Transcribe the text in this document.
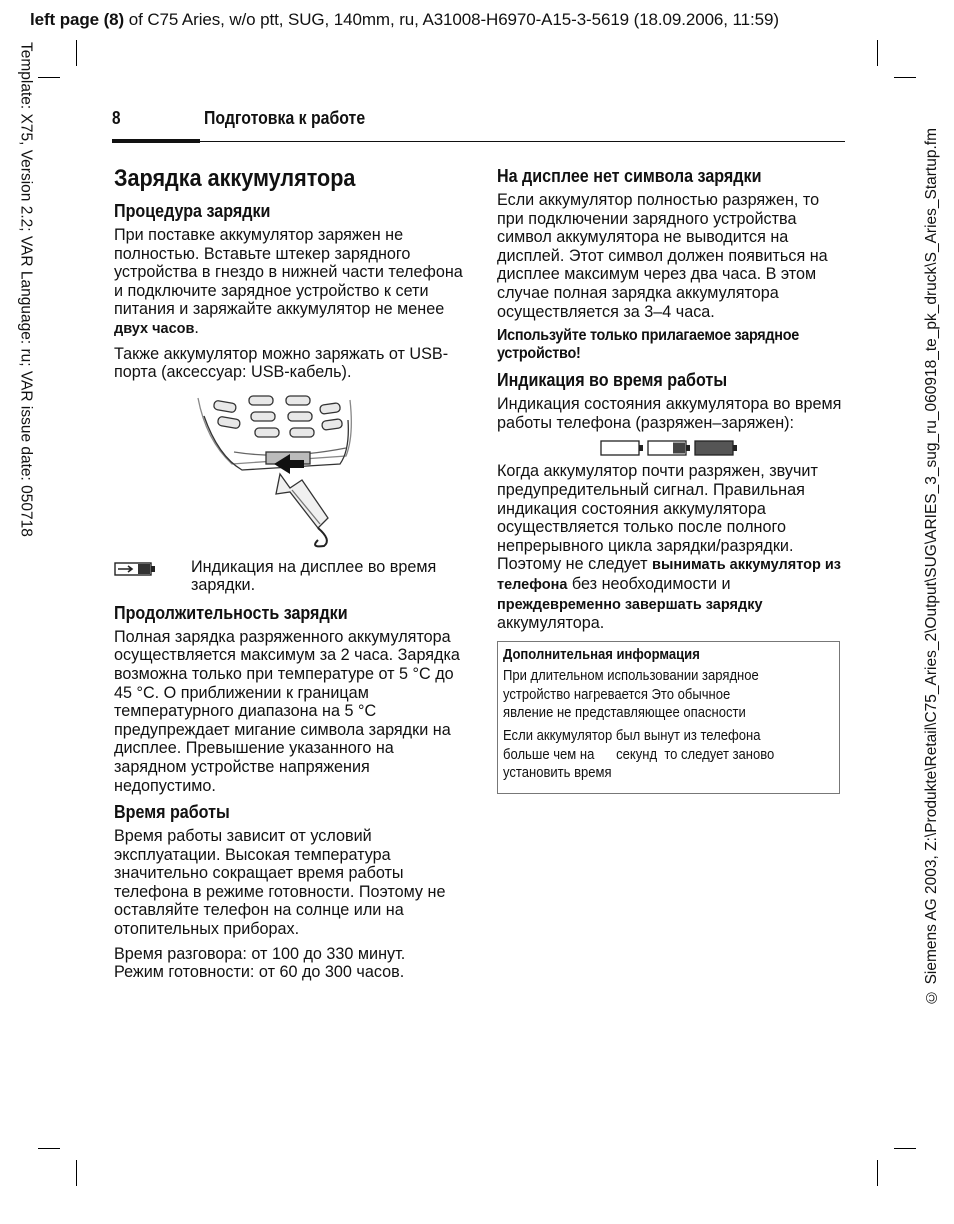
left page (8) of C75 Aries, w/o ptt, SUG, 140mm, ru, A31008-H6970-A15-3-5619 (18.09.2006, 11:59)
Template: X75, Version 2.2; VAR Language: ru; VAR issue date: 050718	© Siemens AG 2003, Z:\Produkte\Retail\C75_Aries_2\Output\SUG\ARIES_3_sug_ru_060918_te_pk_druck\S_Aries_Startup.fm
8	Подготовка к работе
Зарядка аккумулятора
Процедура зарядки

При поставке аккумулятор заряжен не полностью. Вставьте штекер зарядного устройства в гнездо в нижней части телефона и подключите зарядное устройство к сети питания и заряжайте аккумулятор не менее двух часов.

Также аккумулятор можно заряжать от USB-порта (аксессуар: USB-кабель).

Индикация на дисплее во время зарядки.
Продолжительность зарядки

Полная зарядка разряженного аккумулятора осуществляется максимум за 2 часа. Зарядка возможна только при температуре от 5 °C до 45 °C. О приближении к границам температурного диапазона на 5 °C предупреждает мигание символа зарядки на дисплее. Превышение указанного на зарядном устройстве напряжения недопустимо.

Время работы

Время работы зависит от условий эксплуатации. Высокая температура значительно сокращает время работы телефона в режиме готовности. Поэтому не оставляйте телефон на солнце или на отопительных приборах.

Время разговора: от 100 до 330 минут.

Режим готовности: от 60 до 300 часов.

На дисплее нет символа зарядки

Если аккумулятор полностью разряжен, то при подключении зарядного устройства символ аккумулятора не выводится на дисплей. Этот символ должен появиться на дисплее максимум через два часа. В этом случае полная зарядка аккумулятора осуществляется за 3–4 часа.

Используйте только прилагаемое зарядное
устройство!
Индикация во время работы

Индикация состояния аккумулятора во время работы телефона (разряжен–заряжен):

Когда аккумулятор почти разряжен, звучит предупредительный сигнал. Правильная индикация состояния аккумулятора осуществляется только после полного непрерывного цикла зарядки/разрядки. Поэтому не следует вынимать аккумулятор из телефона без необходимости и преждевременно завершать зарядку аккумулятора.

Дополнительная информация

При длительном использовании зарядное
устройство нагревается Это обычное
явление не представляющее опасности

Если аккумулятор был вынут из телефона
больше чем на      секунд  то следует заново
установить время
